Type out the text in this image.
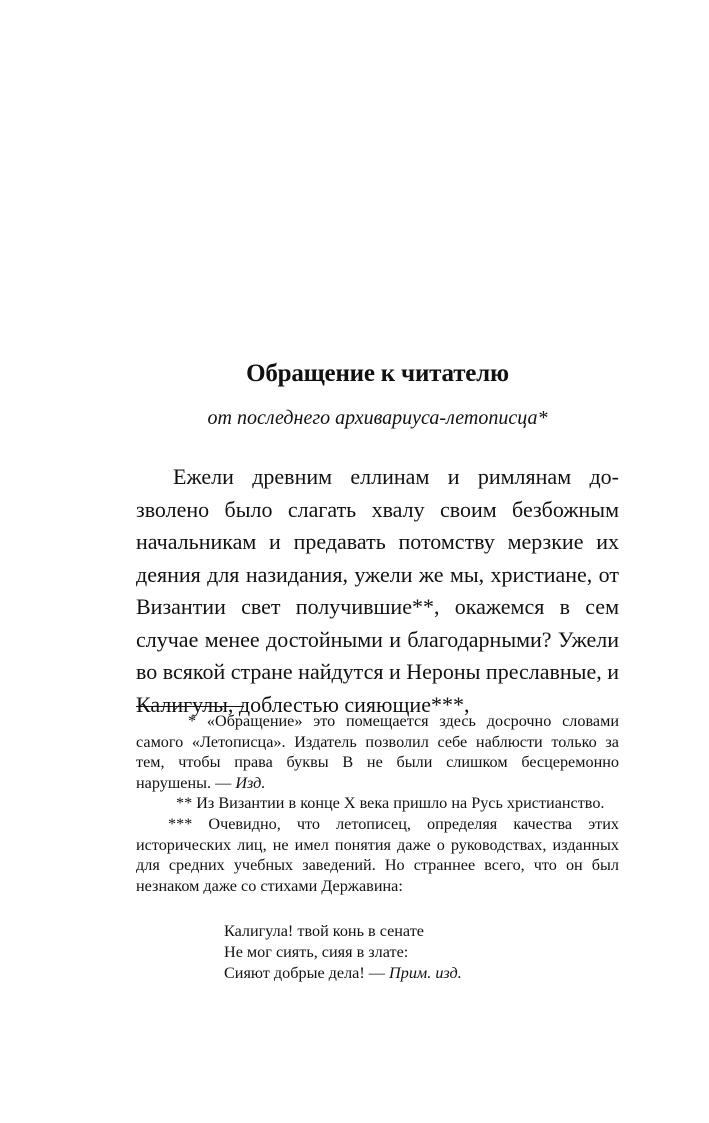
Обращение к читателю
от последнего архивариуса-летописца*

Ежели древним еллинам и римлянам дозволено было слагать хвалу своим безбожным начальникам и предавать потомству мерзкие их деяния для назидания, ужели же мы, христиане, от Византии свет получившие**, окажемся в сем случае менее достойными и благодарными? Ужели во всякой стране найдутся и Нероны преславные, и Калигулы, доблестью сияющие***,

* «Обращение» это помещается здесь досрочно словами самого «Летописца». Издатель позволил себе наблюсти только за тем, чтобы права буквы В не были слишком бесцеремонно нарушены. — Изд.

** Из Византии в конце X века пришло на Русь христианство.

*** Очевидно, что летописец, определяя качества этих исторических лиц, не имел понятия даже о руководствах, изданных для средних учебных заведений. Но страннее всего, что он был незнаком даже со стихами Державина:

Калигула! твой конь в сенате
Не мог сиять, сияя в злате:
Сияют добрые дела! — Прим. изд.
